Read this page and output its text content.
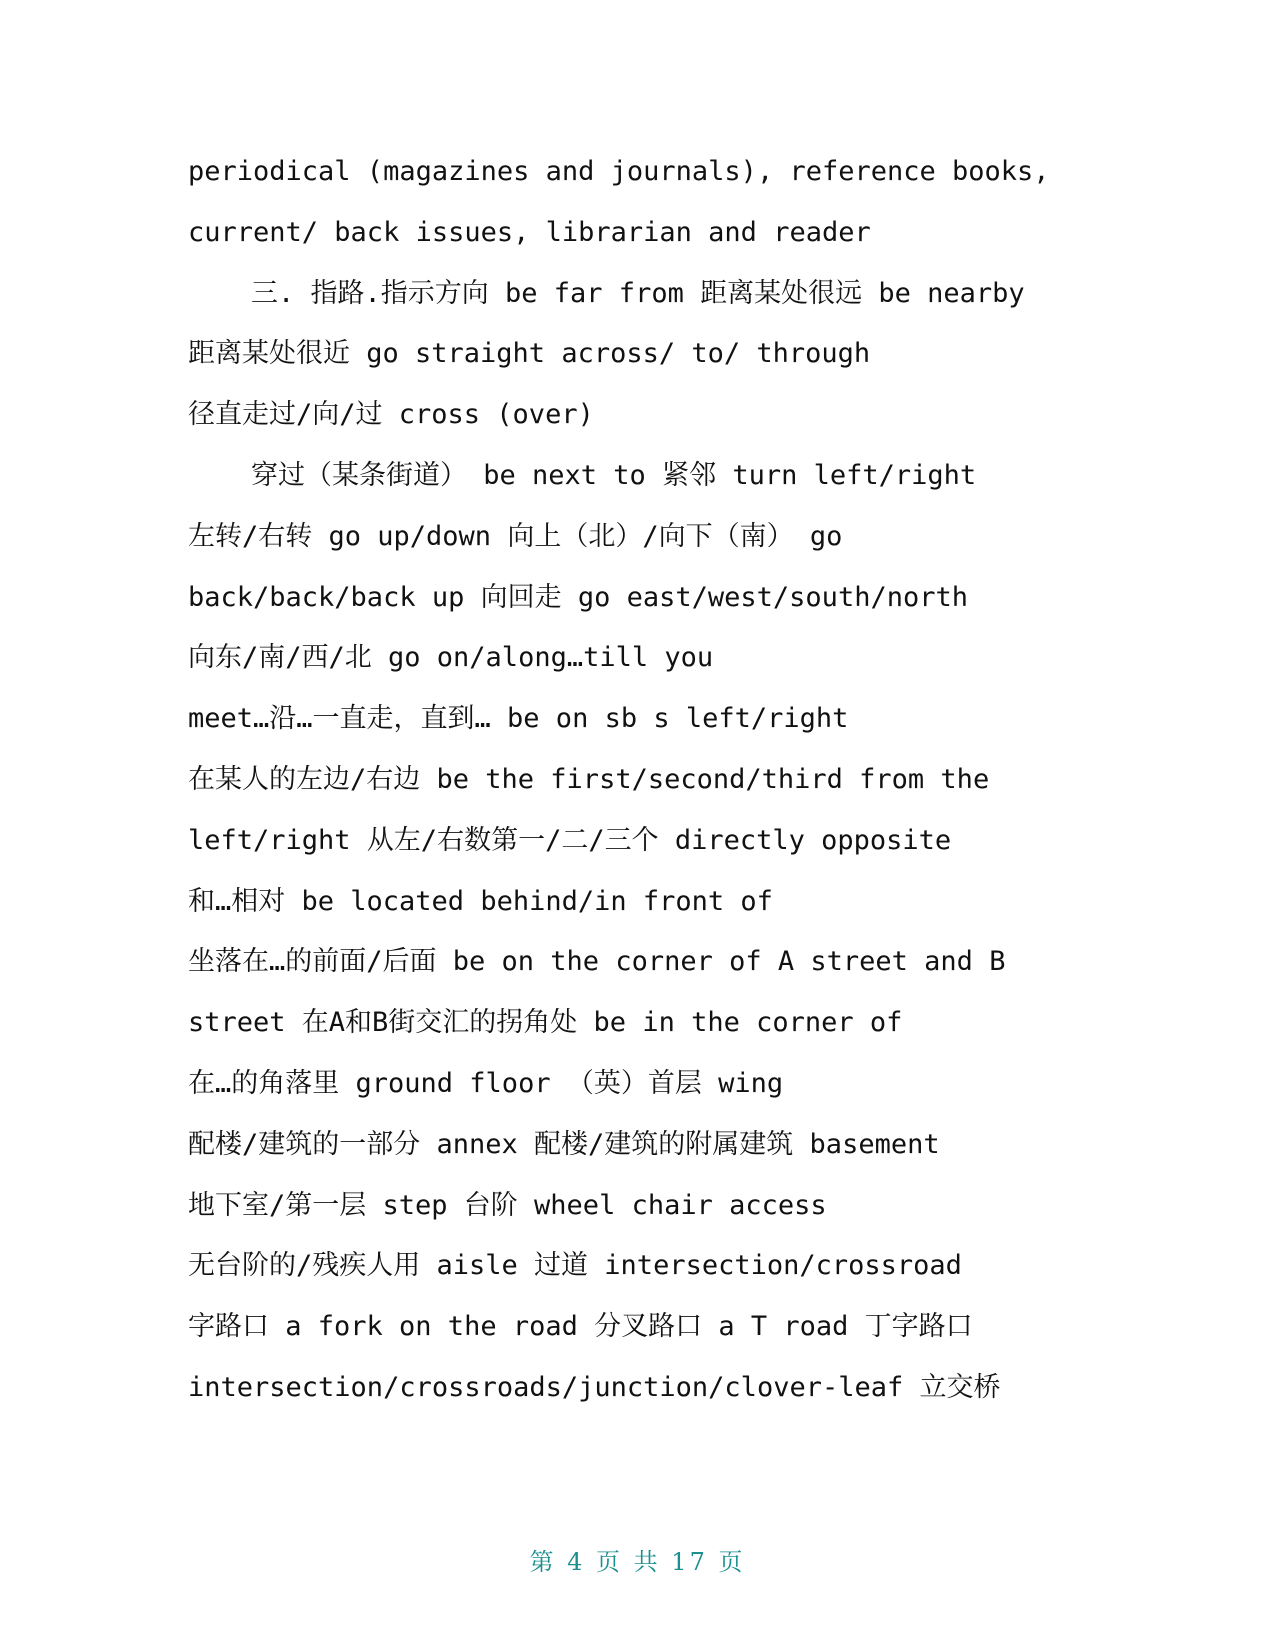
periodical (magazines and journals), reference books,
current/ back issues, librarian and reader
三. 指路.指示方向 be far from 距离某处很远 be nearby
距离某处很近 go straight across/ to/ through
径直走过/向/过 cross (over)
穿过（某条街道） be next to 紧邻 turn left/right
左转/右转 go up/down 向上（北）/向下（南） go
back/back/back up 向回走 go east/west/south/north
向东/南/西/北 go on/along…till you
meet…沿…一直走，直到… be on sb s left/right
在某人的左边/右边 be the first/second/third from the
left/right 从左/右数第一/二/三个 directly opposite
和…相对 be located behind/in front of
坐落在…的前面/后面 be on the corner of A street and B
street 在A和B街交汇的拐角处 be in the corner of
在…的角落里 ground floor （英）首层 wing
配楼/建筑的一部分 annex 配楼/建筑的附属建筑 basement
地下室/第一层 step 台阶 wheel chair access
无台阶的/残疾人用 aisle 过道 intersection/crossroad
字路口 a fork on the road 分叉路口 a T road 丁字路口
intersection/crossroads/junction/clover-leaf 立交桥
第 4 页 共 17 页
